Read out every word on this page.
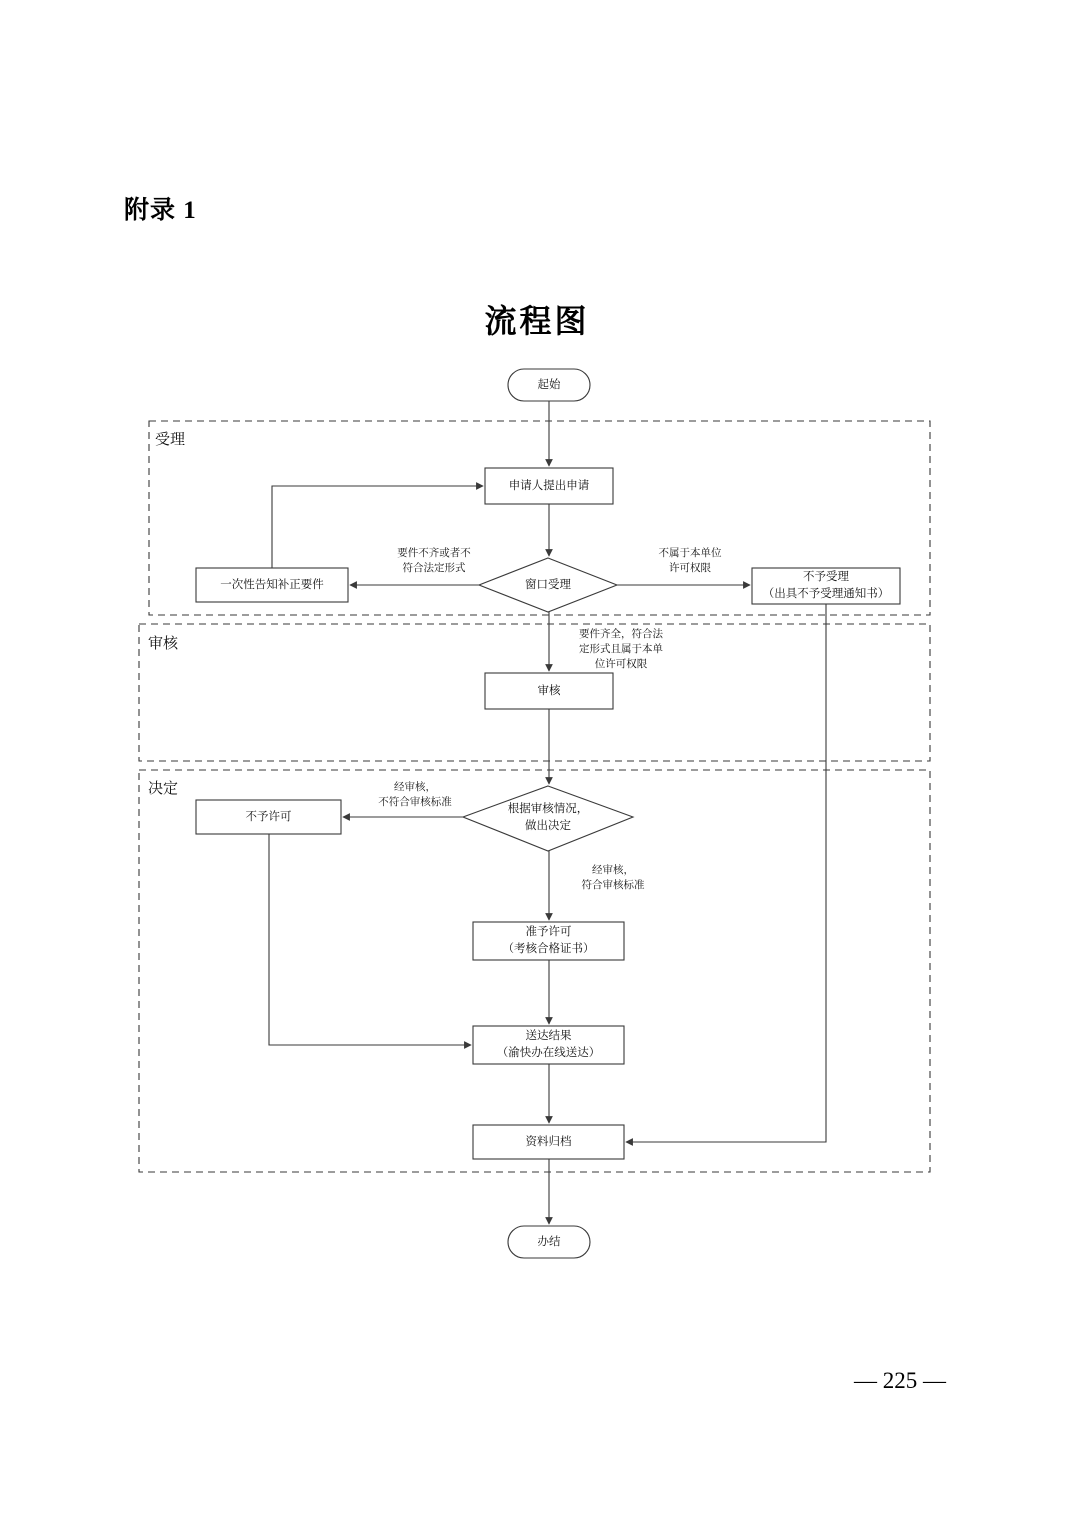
附录 1
流程图
受理
审核
决定
起始
申请人提出申请
窗口受理
一次性告知补正要件
不予受理
（出具不予受理通知书）
审核
根据审核情况，
做出决定
不予许可
准予许可
（考核合格证书）
送达结果
（渝快办在线送达）
资料归档
办结
要件不齐或者不
符合法定形式
不属于本单位
许可权限
要件齐全，符合法
定形式且属于本单
位许可权限
经审核，
不符合审核标准
经审核，
符合审核标准
— 225 —
